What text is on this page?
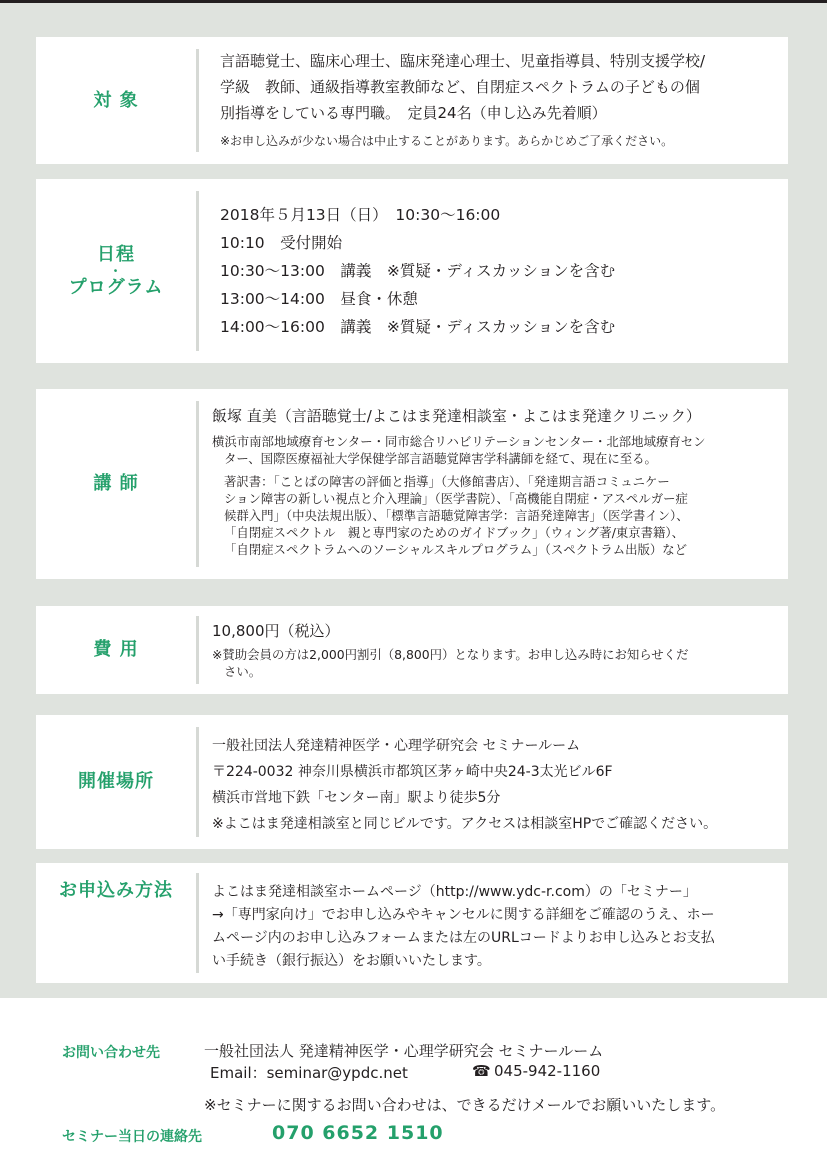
対 象
言語聴覚士、臨床心理士、臨床発達心理士、児童指導員、特別支援学校/
学級　教師、通級指導教室教師など、自閉症スペクトラムの子どもの個
別指導をしている専門職。　定員24名（申し込み先着順）
※お申し込みが少ない場合は中止することがあります。あらかじめご了承ください。
日程
・
プログラム
2018年５月13日（日）　10:30〜16:00
10:10　受付開始
10:30〜13:00　講義　※質疑・ディスカッションを含む
13:00〜14:00　昼食・休憩
14:00〜16:00　講義　※質疑・ディスカッションを含む
講 師
飯塚 直美（言語聴覚士/よこはま発達相談室・よこはま発達クリニック）
横浜市南部地域療育センター・同市総合リハビリテーションセンター・北部地域療育セン
ター、国際医療福祉大学保健学部言語聴覚障害学科講師を経て、現在に至る。
著訳書：「ことばの障害の評価と指導」（大修館書店）、「発達期言語コミュニケー
ション障害の新しい視点と介入理論」（医学書院）、「高機能自閉症・アスペルガー症
候群入門」（中央法規出版）、「標準言語聴覚障害学：言語発達障害」（医学書イン）、
「自閉症スペクトル　親と専門家のためのガイドブック」（ウィング著/東京書籍）、
「自閉症スペクトラムへのソーシャルスキルプログラム」（スペクトラム出版）など
費 用
10,800円（税込）
※賛助会員の方は2,000円割引（8,800円）となります。お申し込み時にお知らせくだ
さい。
開催場所
一般社団法人発達精神医学・心理学研究会 セミナールーム
〒224-0032 神奈川県横浜市都筑区茅ヶ崎中央24-3太光ビル6F
横浜市営地下鉄「センター南」駅より徒歩5分
※よこはま発達相談室と同じビルです。アクセスは相談室HPでご確認ください。
お申込み方法	よこはま発達相談室ホームページ（http://www.ydc-r.com）の「セミナー」
→「専門家向け」でお申し込みやキャンセルに関する詳細をご確認のうえ、ホー
ムページ内のお申し込みフォームまたは左のURLコードよりお申し込みとお支払
い手続き（銀行振込）をお願いいたします。
お問い合わせ先	一般社団法人 発達精神医学・心理学研究会 セミナールーム
Email：seminar@ypdc.net	☎ 045-942-1160
※セミナーに関するお問い合わせは、できるだけメールでお願いいたします。
セミナー当日の連絡先	070 6652 1510
